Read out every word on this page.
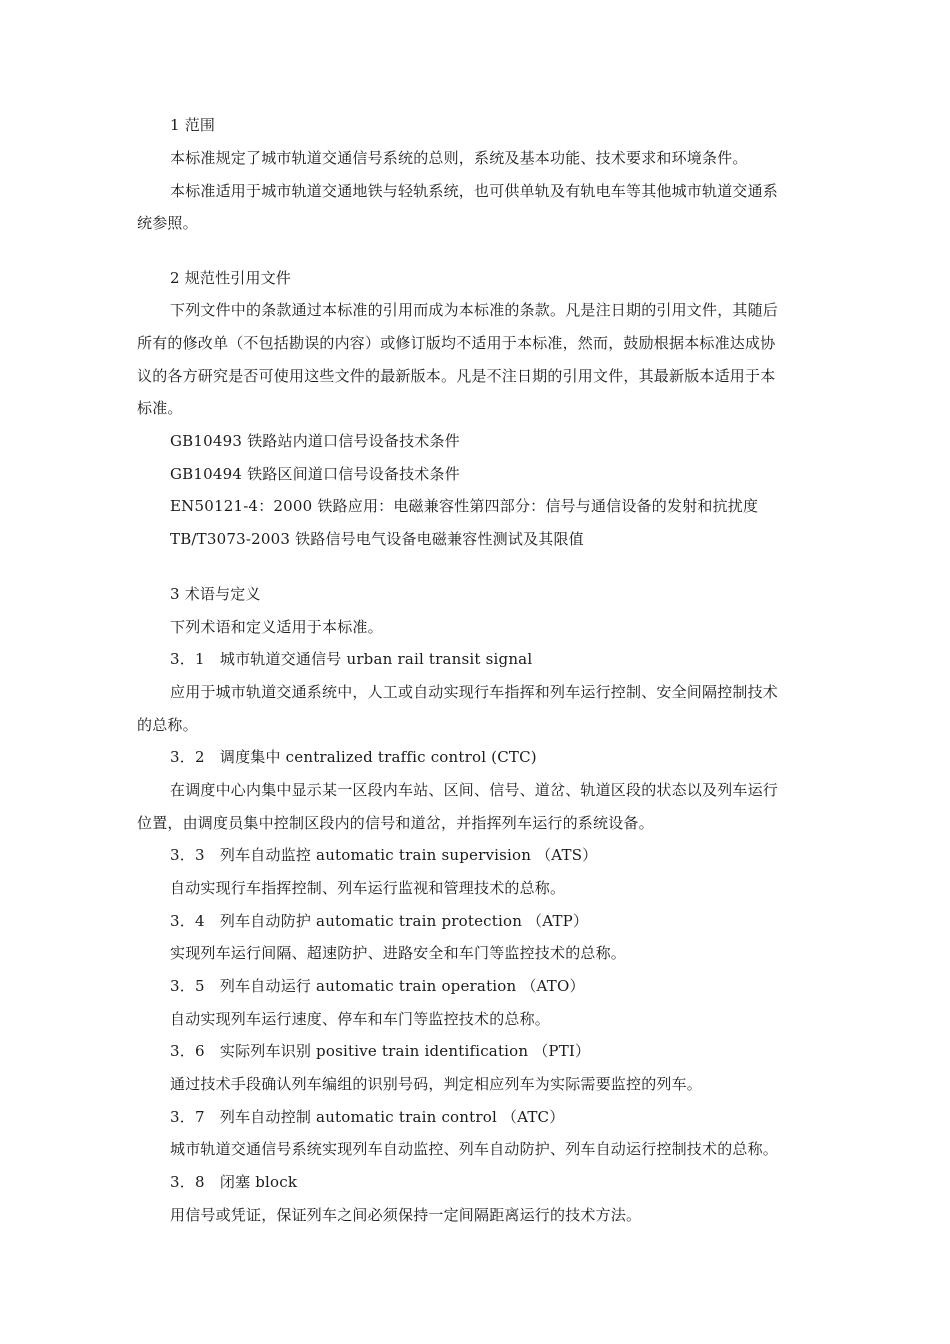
1 范围
本标准规定了城市轨道交通信号系统的总则，系统及基本功能、技术要求和环境条件。
本标准适用于城市轨道交通地铁与轻轨系统，也可供单轨及有轨电车等其他城市轨道交通系
统参照。
2 规范性引用文件
下列文件中的条款通过本标准的引用而成为本标准的条款。凡是注日期的引用文件，其随后
所有的修改单（不包括勘误的内容）或修订版均不适用于本标准，然而，鼓励根据本标准达成协
议的各方研究是否可使用这些文件的最新版本。凡是不注日期的引用文件，其最新版本适用于本
标准。
GB10493 铁路站内道口信号设备技术条件
GB10494 铁路区间道口信号设备技术条件
EN50121-4：2000 铁路应用：电磁兼容性第四部分：信号与通信设备的发射和抗扰度
TB/T3073-2003 铁路信号电气设备电磁兼容性测试及其限值
3 术语与定义
下列术语和定义适用于本标准。
3．1　城市轨道交通信号 urban rail transit signal
应用于城市轨道交通系统中，人工或自动实现行车指挥和列车运行控制、安全间隔控制技术
的总称。
3．2　调度集中 centralized traffic control (CTC)
在调度中心内集中显示某一区段内车站、区间、信号、道岔、轨道区段的状态以及列车运行
位置，由调度员集中控制区段内的信号和道岔，并指挥列车运行的系统设备。
3．3　列车自动监控 automatic train supervision （ATS）
自动实现行车指挥控制、列车运行监视和管理技术的总称。
3．4　列车自动防护 automatic train protection （ATP）
实现列车运行间隔、超速防护、进路安全和车门等监控技术的总称。
3．5　列车自动运行 automatic train operation （ATO）
自动实现列车运行速度、停车和车门等监控技术的总称。
3．6　实际列车识别 positive train identification （PTI）
通过技术手段确认列车编组的识别号码，判定相应列车为实际需要监控的列车。
3．7　列车自动控制 automatic train control （ATC）
城市轨道交通信号系统实现列车自动监控、列车自动防护、列车自动运行控制技术的总称。
3．8　闭塞 block
用信号或凭证，保证列车之间必须保持一定间隔距离运行的技术方法。
